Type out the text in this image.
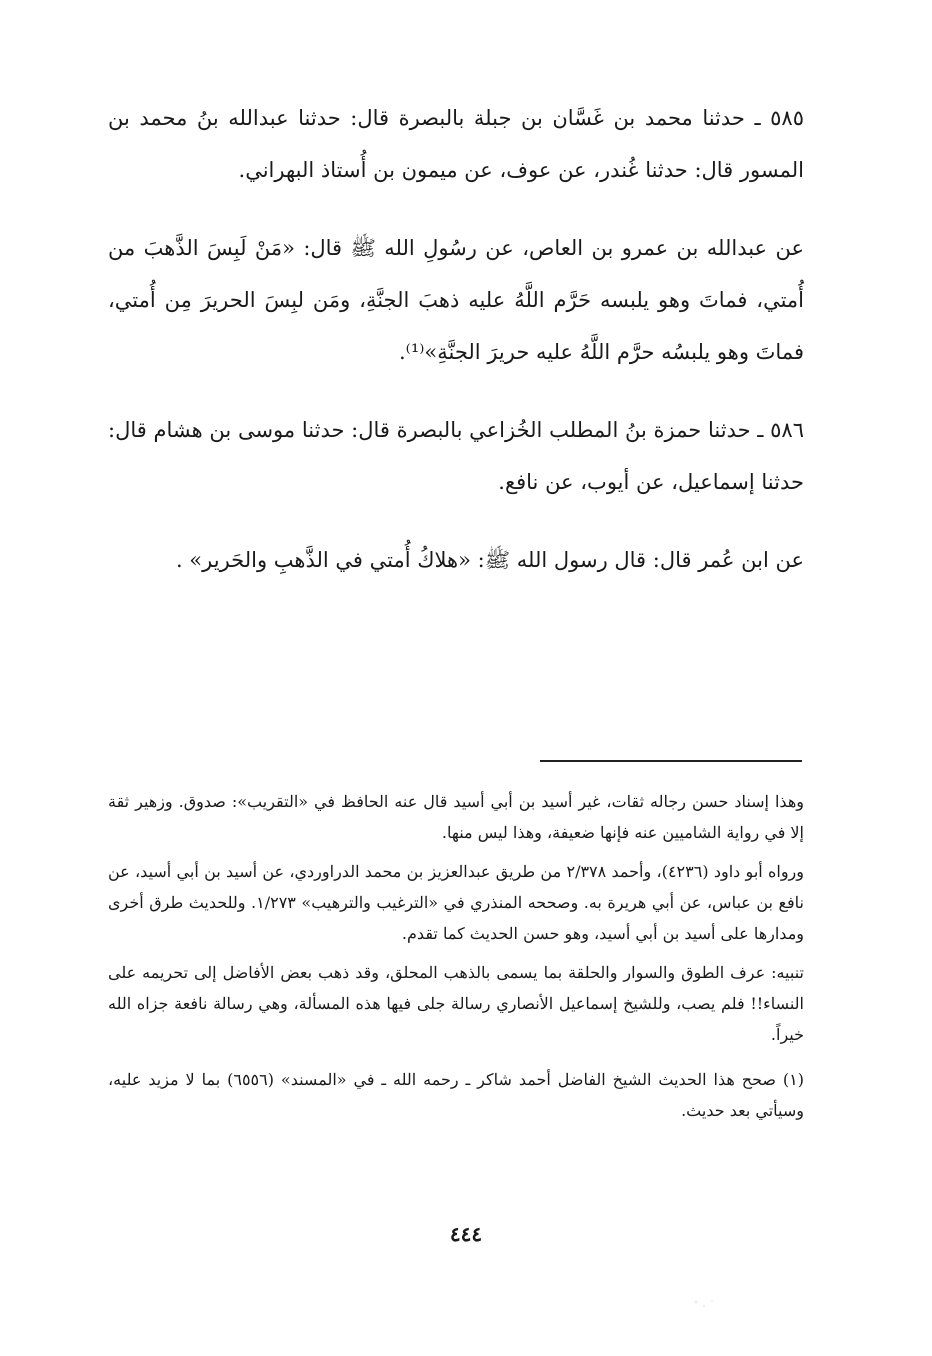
٥٨٥ ـ حدثنا محمد بن غَسَّان بن جبلة بالبصرة قال: حدثنا عبدالله بنُ محمد بن المسور قال: حدثنا غُندر، عن عوف، عن ميمون بن أُستاذ البهراني.

عن عبدالله بن عمرو بن العاص، عن رسُولِ الله ﷺ قال: «مَنْ لَبِسَ الذَّهبَ من أُمتي، فماتَ وهو يلبسه حَرَّم اللَّهُ عليه ذهبَ الجنَّةِ، ومَن لبِسَ الحريرَ مِن أُمتي، فماتَ وهو يلبسُه حرَّم اللَّهُ عليه حريرَ الجنَّةِ»⁽¹⁾.

٥٨٦ ـ حدثنا حمزة بنُ المطلب الخُزاعي بالبصرة قال: حدثنا موسى بن هشام قال: حدثنا إسماعيل، عن أيوب، عن نافع.

عن ابن عُمر قال: قال رسول الله ﷺ: «هلاكُ أُمتي في الذَّهبِ والحَرير» .

وهذا إسناد حسن رجاله ثقات، غير أسيد بن أبي أسيد قال عنه الحافظ في «التقريب»: صدوق. وزهير ثقة إلا في رواية الشاميين عنه فإنها ضعيفة، وهذا ليس منها.

ورواه أبو داود (٤٢٣٦)، وأحمد ٢/٣٧٨ من طريق عبدالعزيز بن محمد الدراوردي، عن أسيد بن أبي أسيد، عن نافع بن عباس، عن أبي هريرة به. وصححه المنذري في «الترغيب والترهيب» ١/٢٧٣. وللحديث طرق أخرى ومدارها على أسيد بن أبي أسيد، وهو حسن الحديث كما تقدم.

تنبيه: عرف الطوق والسوار والحلقة بما يسمى بالذهب المحلق، وقد ذهب بعض الأفاضل إلى تحريمه على النساء!! فلم يصب، وللشيخ إسماعيل الأنصاري رسالة جلى فيها هذه المسألة، وهي رسالة نافعة جزاه الله خيراً.

(١) صحح هذا الحديث الشيخ الفاضل أحمد شاكر ـ رحمه الله ـ في «المسند» (٦٥٥٦) بما لا مزيد عليه، وسيأتي بعد حديث.

٤٤٤
